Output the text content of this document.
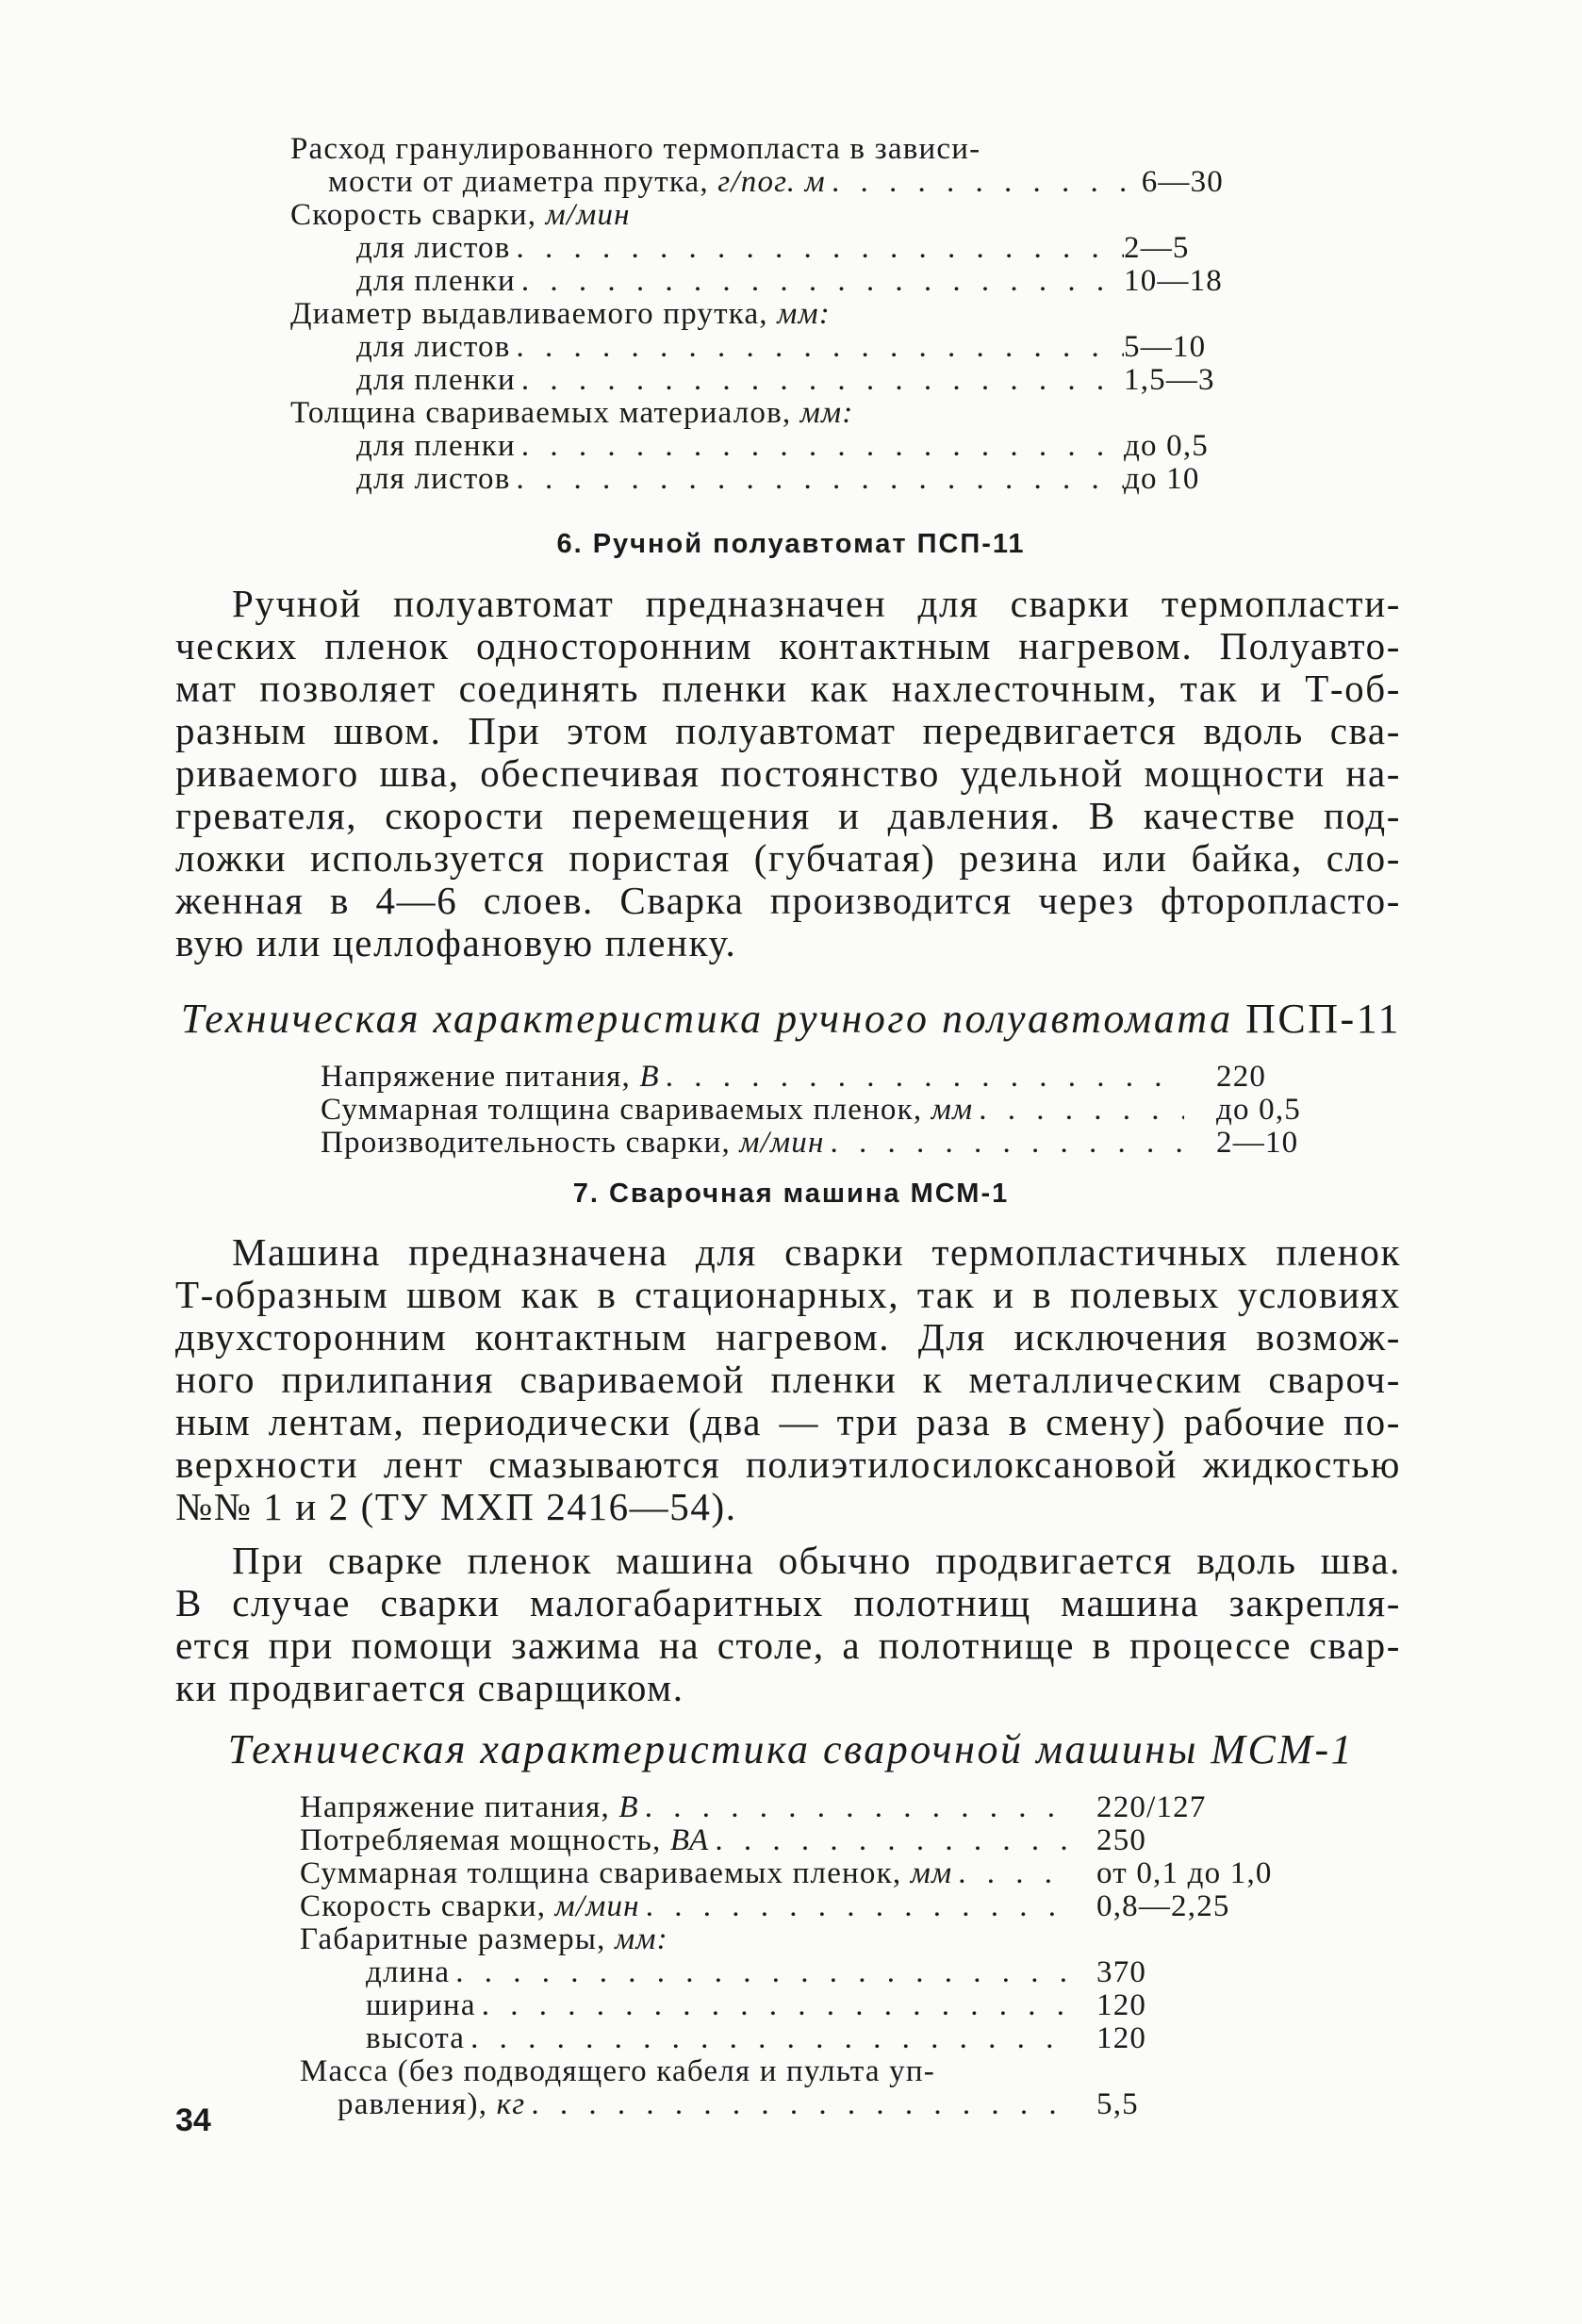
Расход гранулированного термопласта в зависи-
мости от диаметра прутка, г/пог. м . . .	6—30
Скорость сварки, м/мин
для листов . . .	2—5
для пленки . . .	10—18
Диаметр выдавливаемого прутка, мм:
для листов . . .	5—10
для пленки . . .	1,5—3
Толщина свариваемых материалов, мм:
для пленки . . .	до 0,5
для листов . . .	до 10
6. Ручной полуавтомат ПСП-11
Ручной полуавтомат предназначен для сварки термопласти-
ческих пленок односторонним контактным нагревом. Полуавто-
мат позволяет соединять пленки как нахлесточным, так и Т-об-
разным швом. При этом полуавтомат передвигается вдоль сва-
риваемого шва, обеспечивая постоянство удельной мощности на-
гревателя, скорости перемещения и давления. В качестве под-
ложки используется пористая (губчатая) резина или байка, сло-
женная в 4—6 слоев. Сварка производится через фторопласто-
вую или целлофановую пленку.
Техническая характеристика ручного полуавтомата ПСП-11
Напряжение питания, В . . .	220
Суммарная толщина свариваемых пленок, мм . . .	до 0,5
Производительность сварки, м/мин . . .	2—10
7. Сварочная машина МСМ-1
Машина предназначена для сварки термопластичных пленок
Т-образным швом как в стационарных, так и в полевых условиях
двухсторонним контактным нагревом. Для исключения возмож-
ного прилипания свариваемой пленки к металлическим свароч-
ным лентам, периодически (два — три раза в смену) рабочие по-
верхности лент смазываются полиэтилосилоксановой жидкостью
№№ 1 и 2 (ТУ МХП 2416—54).
При сварке пленок машина обычно продвигается вдоль шва.
В случае сварки малогабаритных полотнищ машина закрепля-
ется при помощи зажима на столе, а полотнище в процессе свар-
ки продвигается сварщиком.
Техническая характеристика сварочной машины МСМ-1
Напряжение питания, В . . .	220/127
Потребляемая мощность, ВА . . .	250
Суммарная толщина свариваемых пленок, мм . . .	от 0,1 до 1,0
Скорость сварки, м/мин . . .	0,8—2,25
Габаритные размеры, мм:
длина . . .	370
ширина . . .	120
высота . . .	120
Масса (без подводящего кабеля и пульта уп-
равления), кг . . .	5,5
34
